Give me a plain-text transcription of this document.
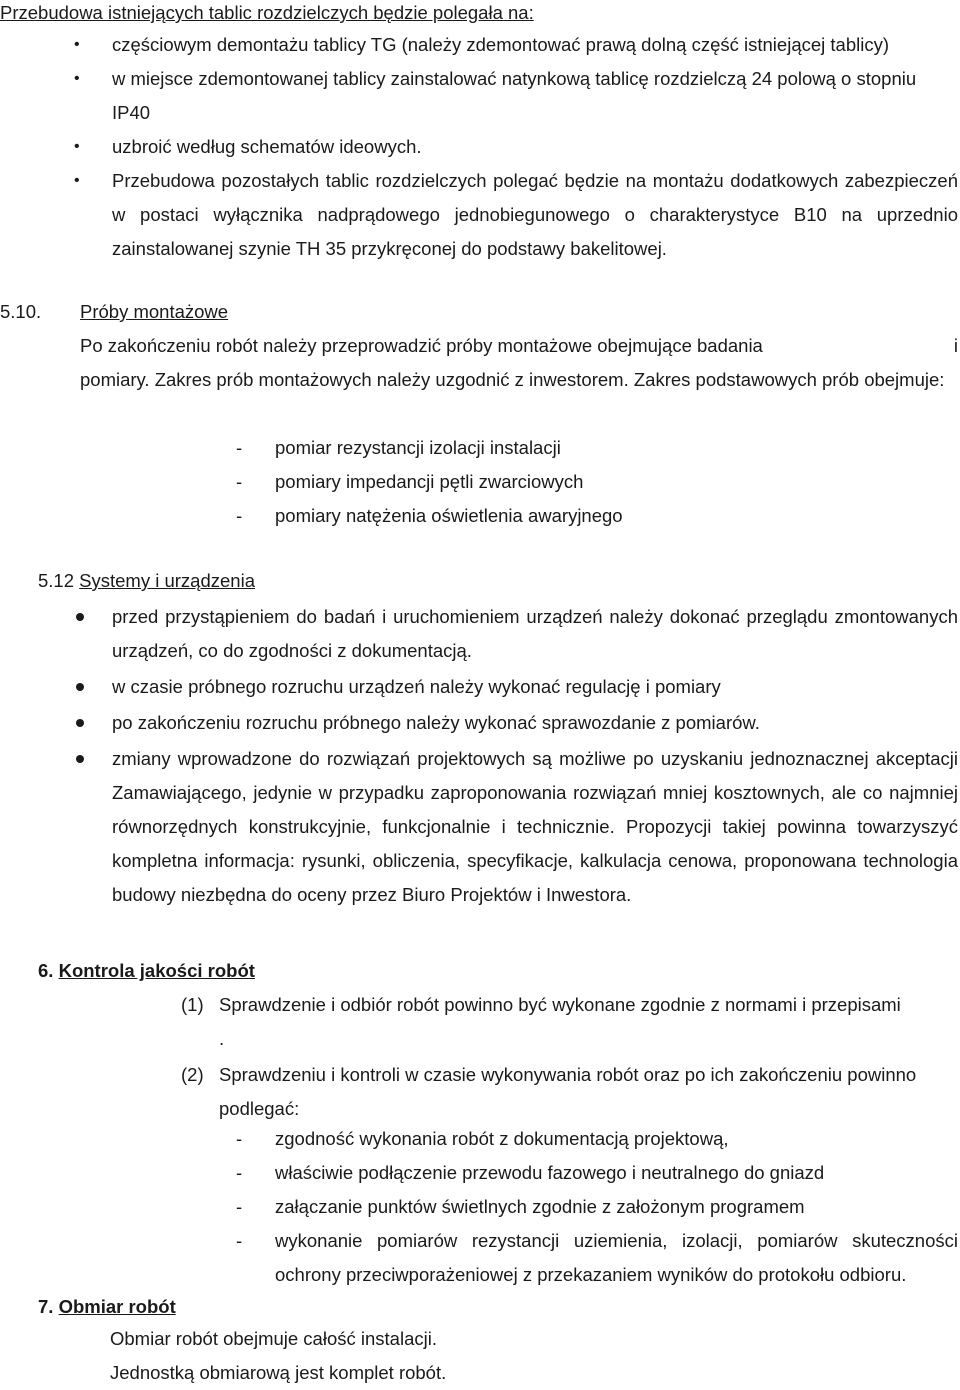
Przebudowa istniejących tablic rozdzielczych będzie polegała na:
• częściowym demontażu tablicy TG (należy zdemontować prawą dolną część istniejącej tablicy)
• w miejsce zdemontowanej tablicy zainstalować natynkową tablicę rozdzielczą 24 polową o stopniu IP40
• uzbroić według schematów ideowych.
• Przebudowa pozostałych tablic rozdzielczych polegać będzie na montażu dodatkowych zabezpieczeń w postaci wyłącznika nadprądowego jednobiegunowego o charakterystyce B10 na uprzednio zainstalowanej szynie TH 35 przykręconej do podstawy bakelitowej.
5.10. Próby montażowe
Po zakończeniu robót należy przeprowadzić próby montażowe obejmujące badania	i
pomiary. Zakres prób montażowych należy uzgodnić z inwestorem. Zakres podstawowych prób obejmuje:
- pomiar rezystancji izolacji instalacji
- pomiary impedancji pętli zwarciowych
- pomiary natężenia oświetlenia awaryjnego
5.12 Systemy i urządzenia
przed przystąpieniem do badań i uruchomieniem urządzeń należy dokonać przeglądu zmontowanych urządzeń, co do zgodności z dokumentacją.
w czasie próbnego rozruchu urządzeń należy wykonać regulację i pomiary
po zakończeniu rozruchu próbnego należy wykonać sprawozdanie z pomiarów.
zmiany wprowadzone do rozwiązań projektowych są możliwe po uzyskaniu jednoznacznej akceptacji Zamawiającego, jedynie w przypadku zaproponowania rozwiązań mniej kosztownych, ale co najmniej równorzędnych konstrukcyjnie, funkcjonalnie i technicznie. Propozycji takiej powinna towarzyszyć kompletna informacja: rysunki, obliczenia, specyfikacje, kalkulacja cenowa, proponowana technologia budowy niezbędna do oceny przez Biuro Projektów i Inwestora.
6. Kontrola jakości robót
(1) Sprawdzenie i odbiór robót powinno być wykonane zgodnie z normami i przepisami
.
(2) Sprawdzeniu i kontroli w czasie wykonywania robót oraz po ich zakończeniu powinno podlegać:
- zgodność wykonania robót z dokumentacją projektową,
- właściwie podłączenie przewodu fazowego i neutralnego do gniazd
- załączanie punktów świetlnych zgodnie z założonym programem
- wykonanie pomiarów rezystancji uziemienia, izolacji, pomiarów skuteczności ochrony przeciwporażeniowej z przekazaniem wyników do protokołu odbioru.
7. Obmiar robót
Obmiar robót obejmuje całość instalacji.
Jednostką obmiarową jest komplet robót.
